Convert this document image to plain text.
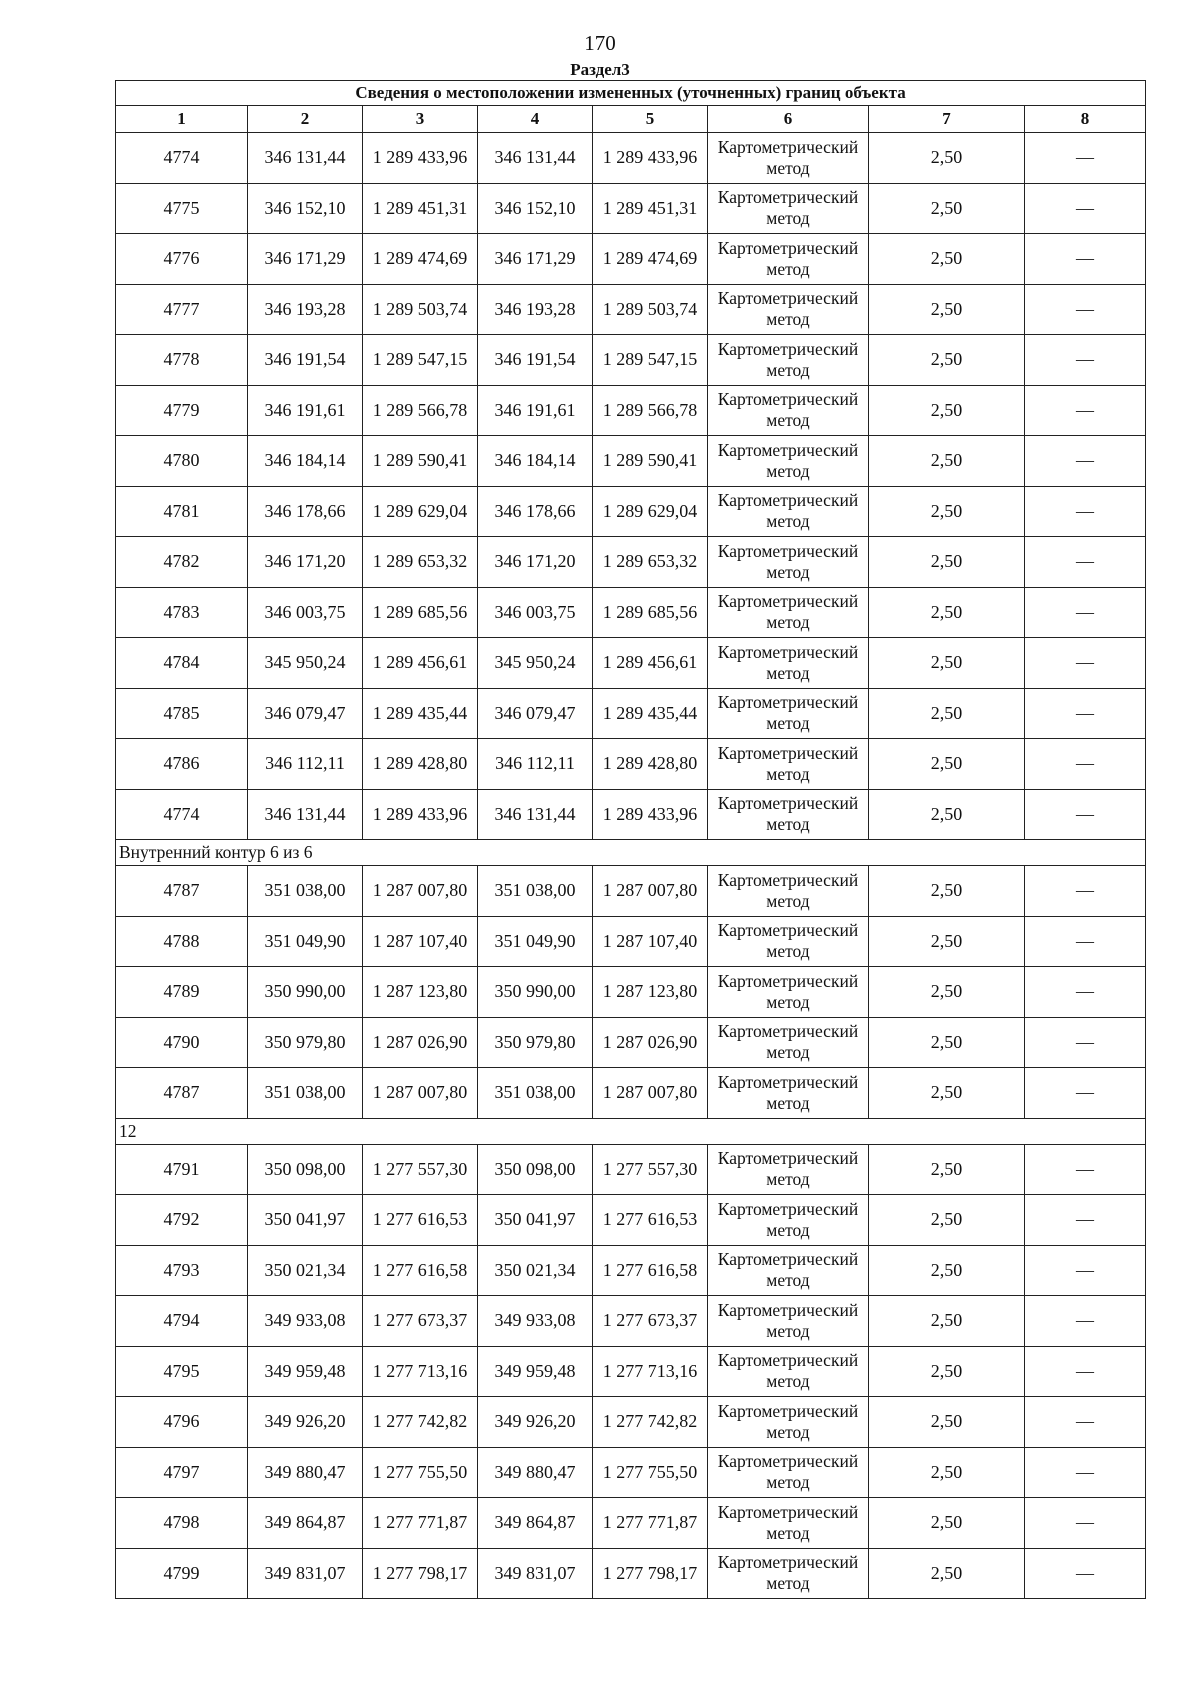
170
Раздел3
Сведения о местоположении измененных (уточненных) границ объекта							
1	2	3	4	5	6	7	8
4774	346 131,44	1 289 433,96	346 131,44	1 289 433,96	Картометрический метод	2,50	—
4775	346 152,10	1 289 451,31	346 152,10	1 289 451,31	Картометрический метод	2,50	—
4776	346 171,29	1 289 474,69	346 171,29	1 289 474,69	Картометрический метод	2,50	—
4777	346 193,28	1 289 503,74	346 193,28	1 289 503,74	Картометрический метод	2,50	—
4778	346 191,54	1 289 547,15	346 191,54	1 289 547,15	Картометрический метод	2,50	—
4779	346 191,61	1 289 566,78	346 191,61	1 289 566,78	Картометрический метод	2,50	—
4780	346 184,14	1 289 590,41	346 184,14	1 289 590,41	Картометрический метод	2,50	—
4781	346 178,66	1 289 629,04	346 178,66	1 289 629,04	Картометрический метод	2,50	—
4782	346 171,20	1 289 653,32	346 171,20	1 289 653,32	Картометрический метод	2,50	—
4783	346 003,75	1 289 685,56	346 003,75	1 289 685,56	Картометрический метод	2,50	—
4784	345 950,24	1 289 456,61	345 950,24	1 289 456,61	Картометрический метод	2,50	—
4785	346 079,47	1 289 435,44	346 079,47	1 289 435,44	Картометрический метод	2,50	—
4786	346 112,11	1 289 428,80	346 112,11	1 289 428,80	Картометрический метод	2,50	—
4774	346 131,44	1 289 433,96	346 131,44	1 289 433,96	Картометрический метод	2,50	—
Внутренний контур 6 из 6							
4787	351 038,00	1 287 007,80	351 038,00	1 287 007,80	Картометрический метод	2,50	—
4788	351 049,90	1 287 107,40	351 049,90	1 287 107,40	Картометрический метод	2,50	—
4789	350 990,00	1 287 123,80	350 990,00	1 287 123,80	Картометрический метод	2,50	—
4790	350 979,80	1 287 026,90	350 979,80	1 287 026,90	Картометрический метод	2,50	—
4787	351 038,00	1 287 007,80	351 038,00	1 287 007,80	Картометрический метод	2,50	—
12							
4791	350 098,00	1 277 557,30	350 098,00	1 277 557,30	Картометрический метод	2,50	—
4792	350 041,97	1 277 616,53	350 041,97	1 277 616,53	Картометрический метод	2,50	—
4793	350 021,34	1 277 616,58	350 021,34	1 277 616,58	Картометрический метод	2,50	—
4794	349 933,08	1 277 673,37	349 933,08	1 277 673,37	Картометрический метод	2,50	—
4795	349 959,48	1 277 713,16	349 959,48	1 277 713,16	Картометрический метод	2,50	—
4796	349 926,20	1 277 742,82	349 926,20	1 277 742,82	Картометрический метод	2,50	—
4797	349 880,47	1 277 755,50	349 880,47	1 277 755,50	Картометрический метод	2,50	—
4798	349 864,87	1 277 771,87	349 864,87	1 277 771,87	Картометрический метод	2,50	—
4799	349 831,07	1 277 798,17	349 831,07	1 277 798,17	Картометрический метод	2,50	—
